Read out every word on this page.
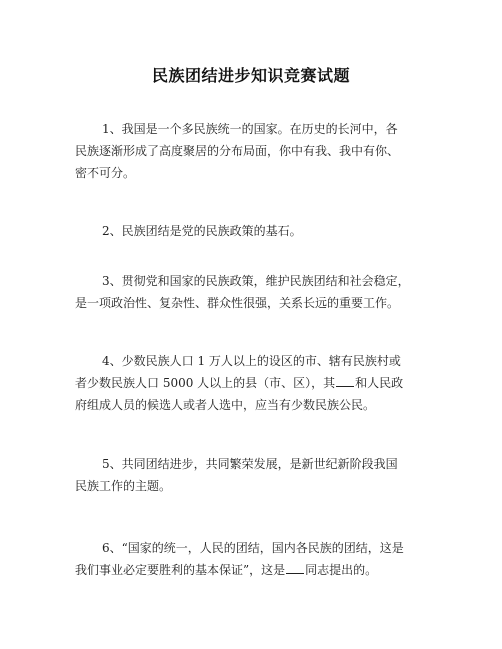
民族团结进步知识竞赛试题
1、我国是一个多民族统一的国家。在历史的长河中，各
民族逐渐形成了高度聚居的分布局面，你中有我、我中有你、
密不可分。
2、民族团结是党的民族政策的基石。
3、贯彻党和国家的民族政策，维护民族团结和社会稳定，
是一项政治性、复杂性、群众性很强，关系长远的重要工作。
4、少数民族人口 1 万人以上的设区的市、辖有民族村或
者少数民族人口 5000 人以上的县（市、区），其 和人民政
府组成人员的候选人或者人选中，应当有少数民族公民。
5、共同团结进步，共同繁荣发展，是新世纪新阶段我国
民族工作的主题。
6、“国家的统一，人民的团结，国内各民族的团结，这是
我们事业必定要胜利的基本保证”，这是 同志提出的。
